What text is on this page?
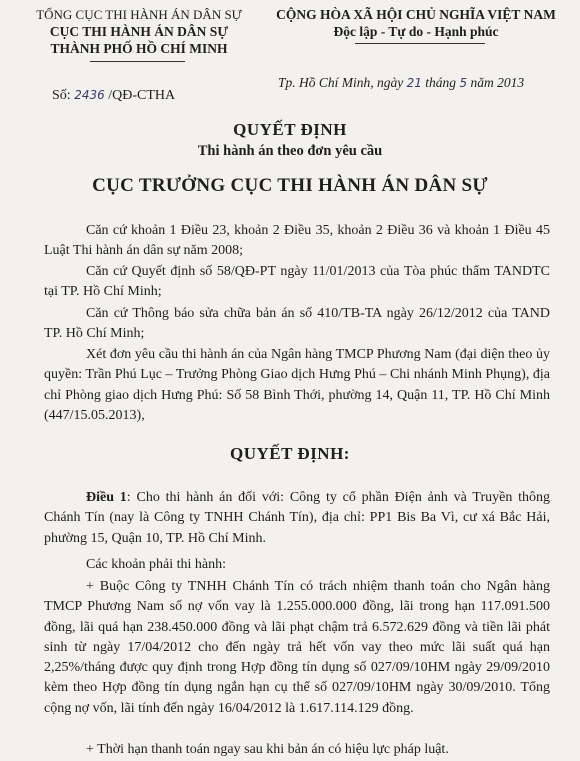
TỔNG CỤC THI HÀNH ÁN DÂN SỰ
CỤC THI HÀNH ÁN DÂN SỰ
THÀNH PHỐ HỒ CHÍ MINH
Số: 2436 /QĐ-CTHA
CỘNG HÒA XÃ HỘI CHỦ NGHĨA VIỆT NAM
Độc lập - Tự do - Hạnh phúc
Tp. Hồ Chí Minh, ngày 21 tháng 5 năm 2013
QUYẾT ĐỊNH
Thi hành án theo đơn yêu cầu
CỤC TRƯỞNG CỤC THI HÀNH ÁN DÂN SỰ

Căn cứ khoản 1 Điều 23, khoản 2 Điều 35, khoản 2 Điều 36 và khoản 1 Điều 45 Luật Thi hành án dân sự năm 2008;

Căn cứ Quyết định số 58/QĐ-PT ngày 11/01/2013 của Tòa phúc thẩm TANDTC tại TP. Hồ Chí Minh;

Căn cứ Thông báo sửa chữa bản án số 410/TB-TA ngày 26/12/2012 của TAND TP. Hồ Chí Minh;

Xét đơn yêu cầu thi hành án của Ngân hàng TMCP Phương Nam (đại diện theo ủy quyền: Trần Phú Lục – Trưởng Phòng Giao dịch Hưng Phú – Chi nhánh Minh Phụng), địa chỉ Phòng giao dịch Hưng Phú: Số 58 Bình Thới, phường 14, Quận 11, TP. Hồ Chí Minh (447/15.05.2013),

QUYẾT ĐỊNH:

Điều 1: Cho thi hành án đối với: Công ty cổ phần Điện ảnh và Truyền thông Chánh Tín (nay là Công ty TNHH Chánh Tín), địa chỉ: PP1 Bis Ba Vì, cư xá Bắc Hải, phường 15, Quận 10, TP. Hồ Chí Minh.

Các khoản phải thi hành:

+ Buộc Công ty TNHH Chánh Tín có trách nhiệm thanh toán cho Ngân hàng TMCP Phương Nam số nợ vốn vay là 1.255.000.000 đồng, lãi trong hạn 117.091.500 đồng, lãi quá hạn 238.450.000 đồng và lãi phạt chậm trả 6.572.629 đồng và tiền lãi phát sinh từ ngày 17/04/2012 cho đến ngày trả hết vốn vay theo mức lãi suất quá hạn 2,25%/tháng được quy định trong Hợp đồng tín dụng số 027/09/10HM ngày 29/09/2010 kèm theo Hợp đồng tín dụng ngắn hạn cụ thể số 027/09/10HM ngày 30/09/2010. Tổng cộng nợ vốn, lãi tính đến ngày 16/04/2012 là 1.617.114.129 đồng.

+ Thời hạn thanh toán ngay sau khi bản án có hiệu lực pháp luật.
